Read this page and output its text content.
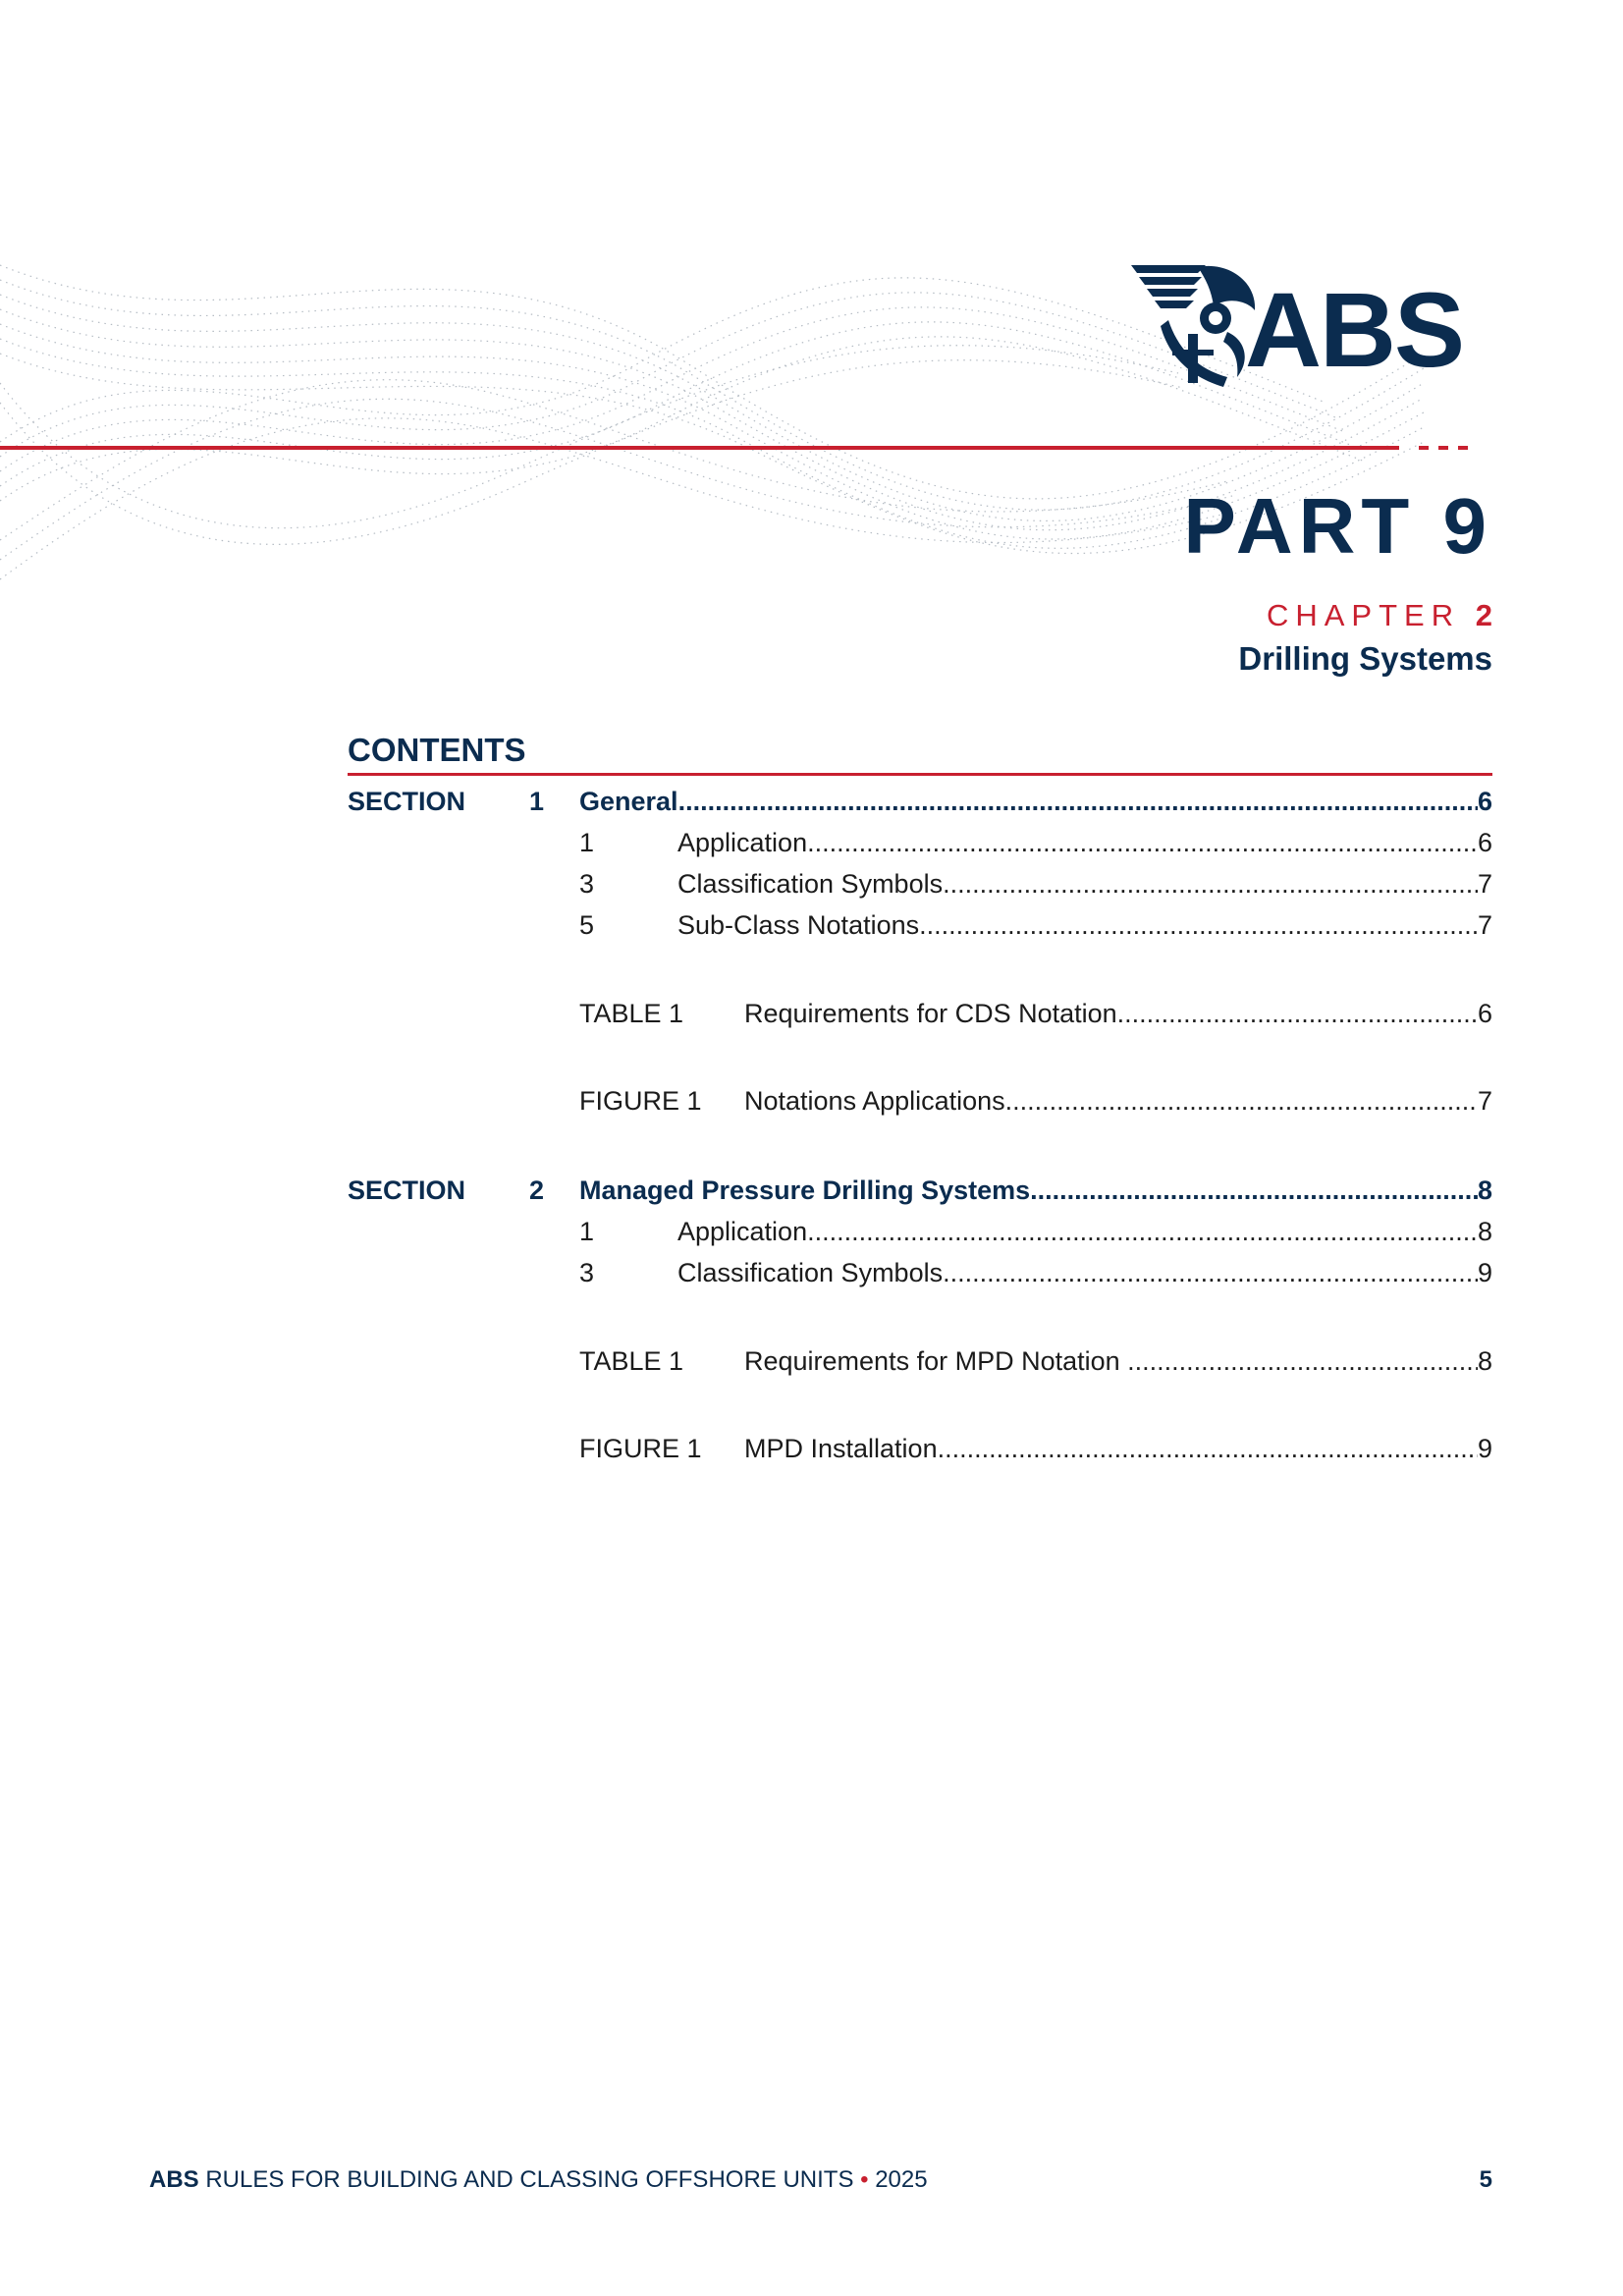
ABS
PART 9
CHAPTER 2
Drilling Systems
CONTENTS
SECTION 1 General .....	6
1	Application .....	6
3	Classification Symbols .....	7
5	Sub-Class Notations .....	7
TABLE 1	Requirements for CDS Notation .....	6
FIGURE 1	Notations Applications .....	7
SECTION 2 Managed Pressure Drilling Systems .....	8
1	Application .....	8
3	Classification Symbols .....	9
TABLE 1	Requirements for MPD Notation .....	8
FIGURE 1	MPD Installation .....	9
ABS RULES FOR BUILDING AND CLASSING OFFSHORE UNITS • 2025	5
